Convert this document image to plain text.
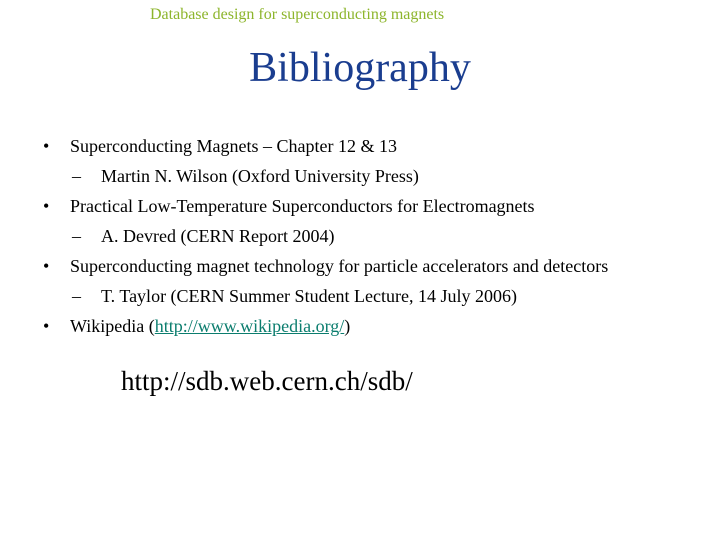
Database design for superconducting magnets
Bibliography
• Superconducting Magnets – Chapter 12 & 13
– Martin N. Wilson (Oxford University Press)
• Practical Low-Temperature Superconductors for Electromagnets
– A. Devred (CERN Report 2004)
• Superconducting magnet technology for particle accelerators and detectors
– T. Taylor (CERN Summer Student Lecture, 14 July 2006)
• Wikipedia (http://www.wikipedia.org/)
http://sdb.web.cern.ch/sdb/
